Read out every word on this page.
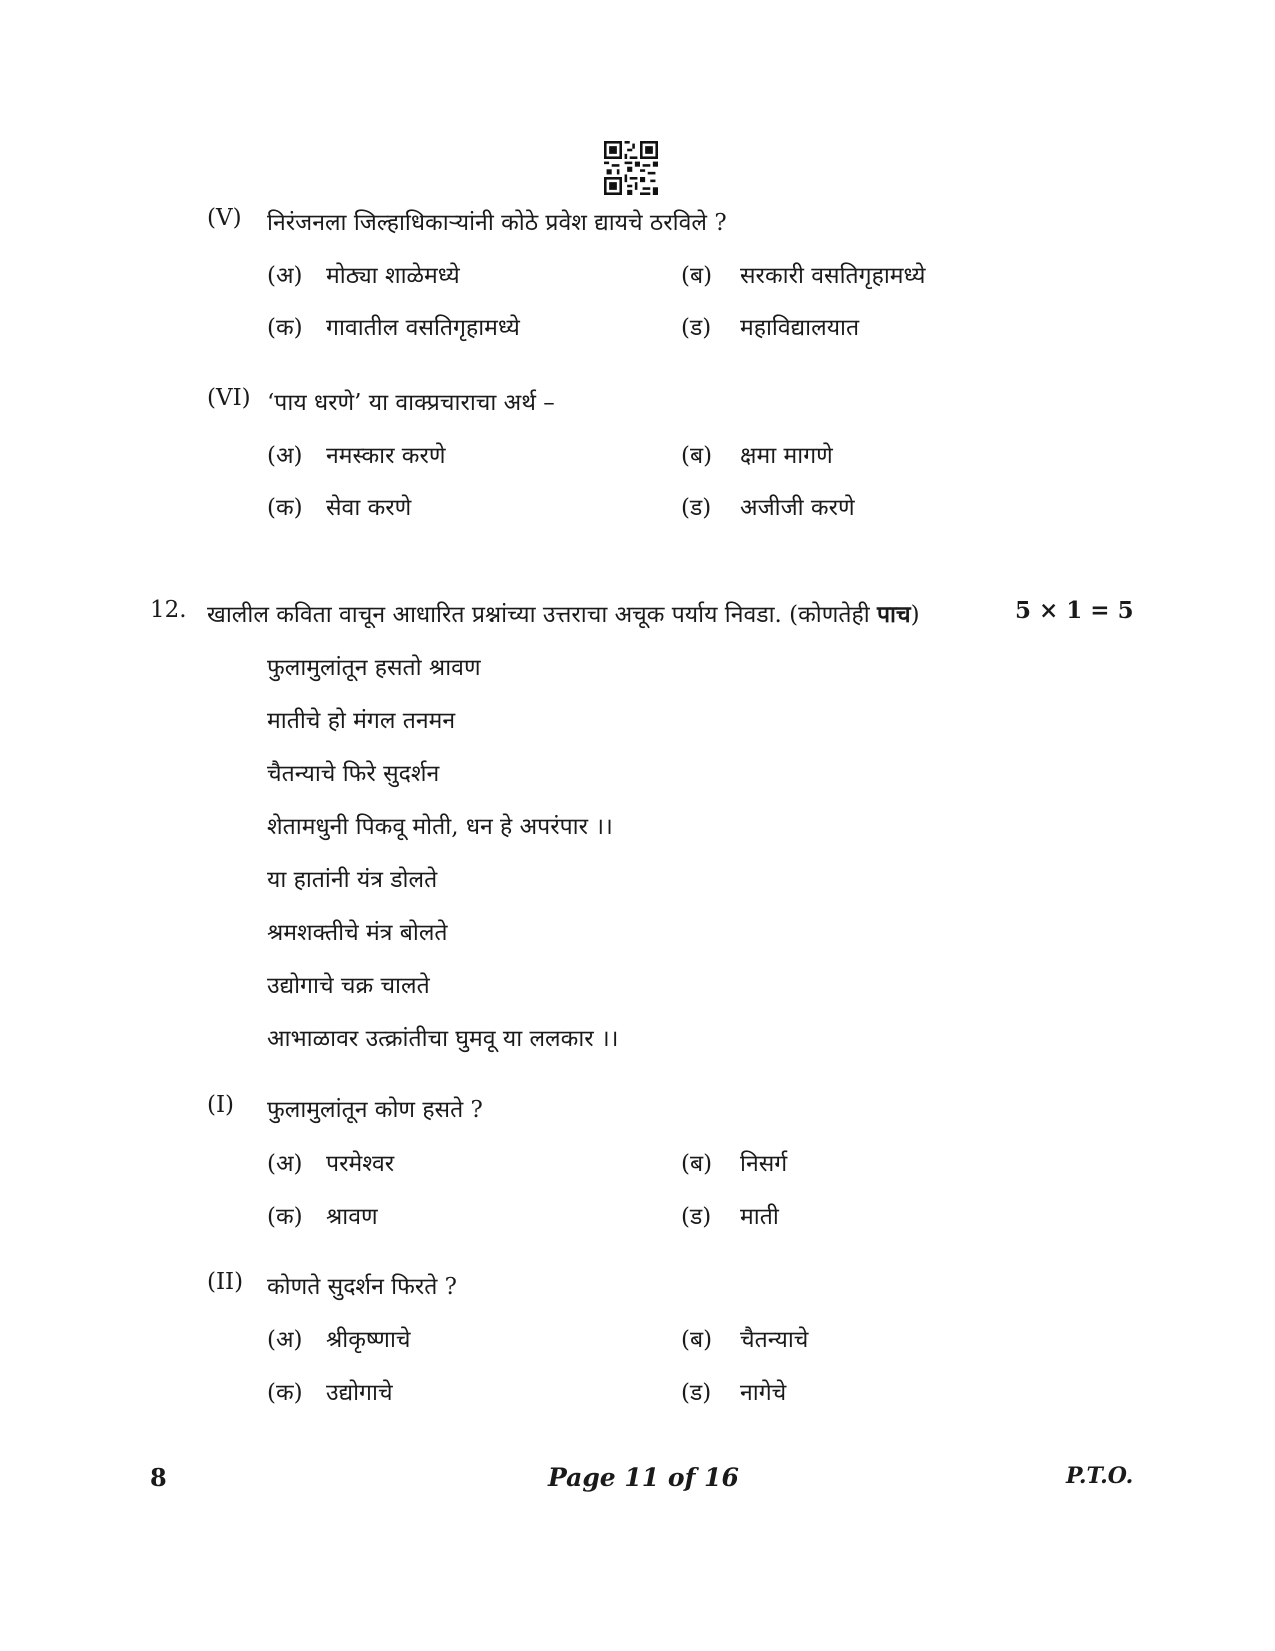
(V) निरंजनला जिल्हाधिकाऱ्यांनी कोठे प्रवेश द्यायचे ठरविले ?
(अ) मोठ्या शाळेमध्ये	(ब) सरकारी वसतिगृहामध्ये
(क) गावातील वसतिगृहामध्ये	(ड) महाविद्यालयात
(VI) ‘पाय धरणे’ या वाक्प्रचाराचा अर्थ –
(अ) नमस्कार करणे	(ब) क्षमा मागणे
(क) सेवा करणे	(ड) अजीजी करणे
12. खालील कविता वाचून आधारित प्रश्नांच्या उत्तराचा अचूक पर्याय निवडा. (कोणतेही पाच)	5 × 1 = 5
फुलामुलांतून हसतो श्रावण
मातीचे हो मंगल तनमन
चैतन्याचे फिरे सुदर्शन
शेतामधुनी पिकवू मोती, धन हे अपरंपार ।।
या हातांनी यंत्र डोलते
श्रमशक्तीचे मंत्र बोलते
उद्योगाचे चक्र चालते
आभाळावर उत्क्रांतीचा घुमवू या ललकार ।।
(I) फुलामुलांतून कोण हसते ?
(अ) परमेश्वर	(ब) निसर्ग
(क) श्रावण	(ड) माती
(II) कोणते सुदर्शन फिरते ?
(अ) श्रीकृष्णाचे	(ब) चैतन्याचे
(क) उद्योगाचे	(ड) नागेचे
8	Page 11 of 16	P.T.O.
